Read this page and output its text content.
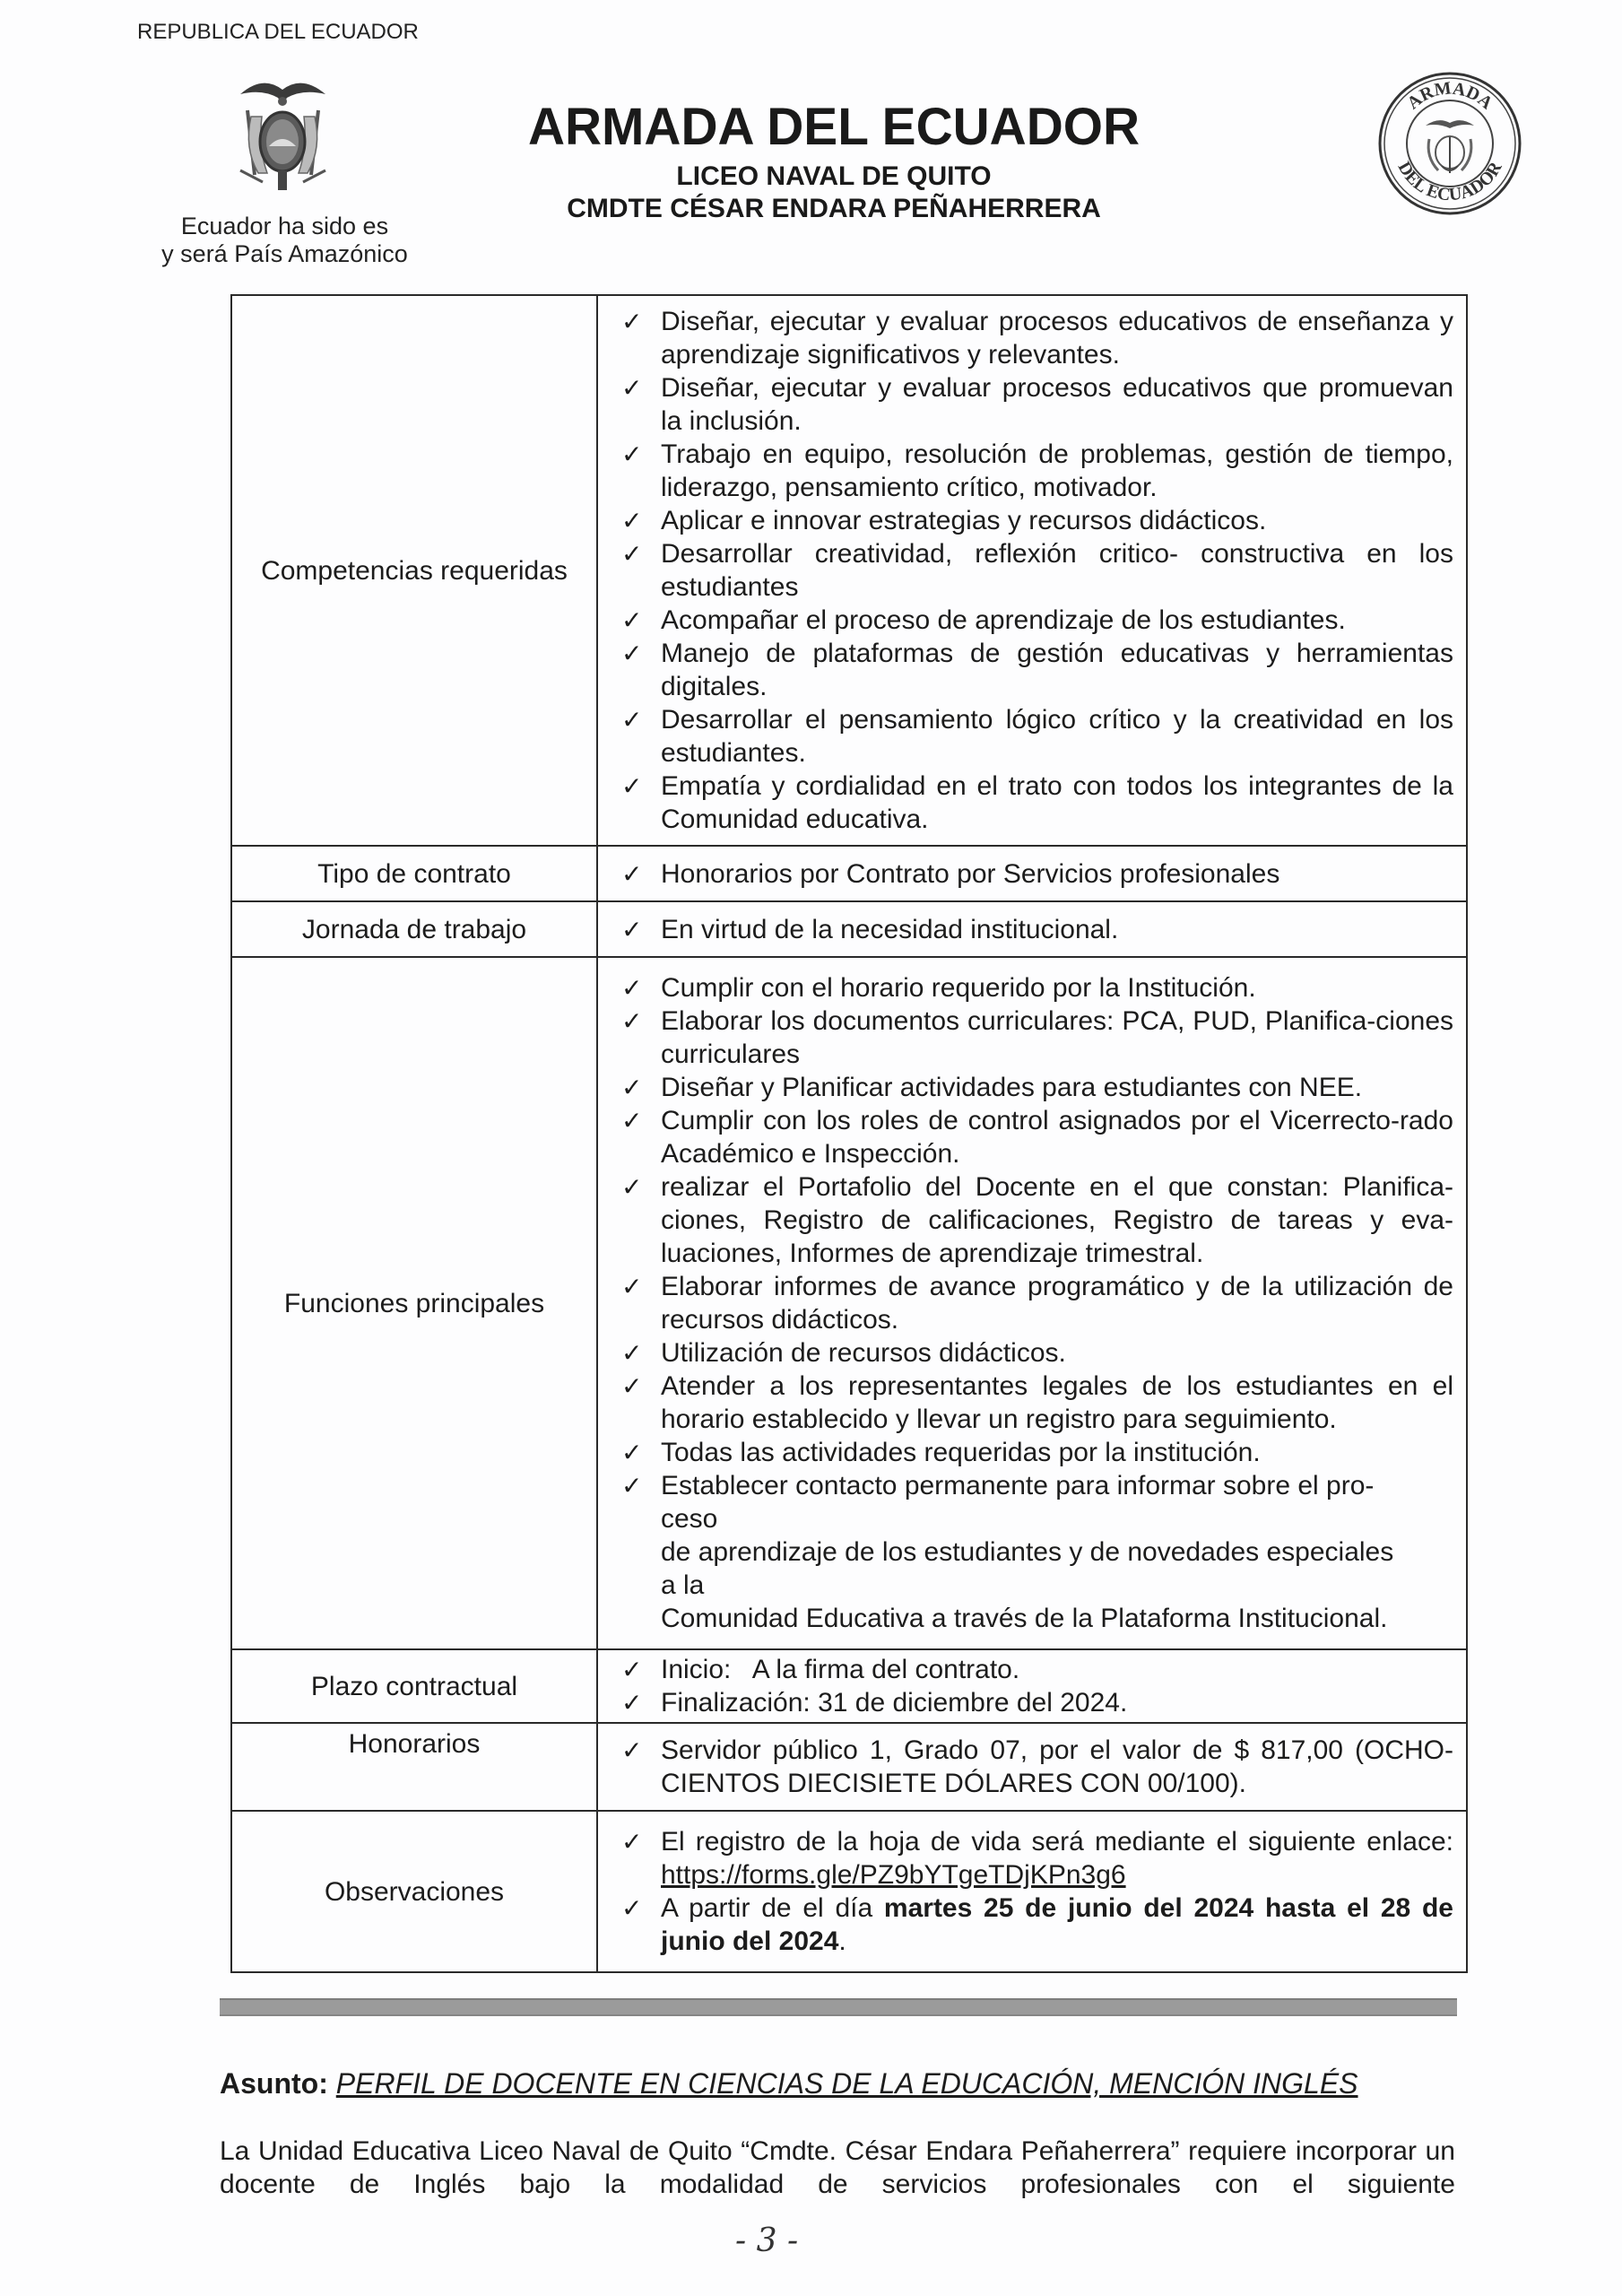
REPUBLICA DEL ECUADOR
Ecuador ha sido es
y será País Amazónico
ARMADA DEL ECUADOR
LICEO NAVAL DE QUITO
CMDTE CÉSAR ENDARA PEÑAHERRERA
ARMADA
DEL ECUADOR
Competencias requeridas	
✓ Diseñar, ejecutar y evaluar procesos educativos de enseñanza y aprendizaje significativos y relevantes.
✓ Diseñar, ejecutar y evaluar procesos educativos que promuevan la inclusión.
✓ Trabajo en equipo, resolución de problemas, gestión de tiempo, liderazgo, pensamiento crítico, motivador.
✓ Aplicar e innovar estrategias y recursos didácticos.
✓ Desarrollar creatividad, reflexión critico- constructiva en los estudiantes
✓ Acompañar el proceso de aprendizaje de los estudiantes.
✓ Manejo de plataformas de gestión educativas y herramientas digitales.
✓ Desarrollar el pensamiento lógico crítico y la creatividad en los estudiantes.
✓ Empatía y cordialidad en el trato con todos los integrantes de la Comunidad educativa.

Tipo de contrato	✓ Honorarios por Contrato por Servicios profesionales

Jornada de trabajo	✓ En virtud de la necesidad institucional.

Funciones principales	
✓ Cumplir con el horario requerido por la Institución.
✓ Elaborar los documentos curriculares: PCA, PUD, Planifica-ciones curriculares
✓ Diseñar y Planificar actividades para estudiantes con NEE.
✓ Cumplir con los roles de control asignados por el Vicerrecto-rado Académico e Inspección.
✓ realizar el Portafolio del Docente en el que constan: Planifica-ciones, Registro de calificaciones, Registro de tareas y eva-luaciones, Informes de aprendizaje trimestral.
✓ Elaborar informes de avance programático y de la utilización de recursos didácticos.
✓ Utilización de recursos didácticos.
✓ Atender a los representantes legales de los estudiantes en el horario establecido y llevar un registro para seguimiento.
✓ Todas las actividades requeridas por la institución.
✓ Establecer contacto permanente para informar sobre el pro-
ceso
de aprendizaje de los estudiantes y de novedades especiales
a la
Comunidad Educativa a través de la Plataforma Institucional.

Plazo contractual	
✓ Inicio:   A la firma del contrato.
✓ Finalización: 31 de diciembre del 2024.

Honorarios	✓ Servidor público 1, Grado 07, por el valor de $ 817,00 (OCHO-CIENTOS DIECISIETE DÓLARES CON 00/100).

Observaciones	
✓ El registro de la hoja de vida será mediante el siguiente enlace: https://forms.gle/PZ9bYTgeTDjKPn3g6
✓ A partir de el día martes 25 de junio del 2024 hasta el 28 de junio del 2024.
Asunto: PERFIL DE DOCENTE EN CIENCIAS DE LA EDUCACIÓN, MENCIÓN INGLÉS
La Unidad Educativa Liceo Naval de Quito “Cmdte. César Endara Peñaherrera” requiere incorporar un docente de Inglés bajo la modalidad de servicios profesionales con el siguiente
- 3 -
